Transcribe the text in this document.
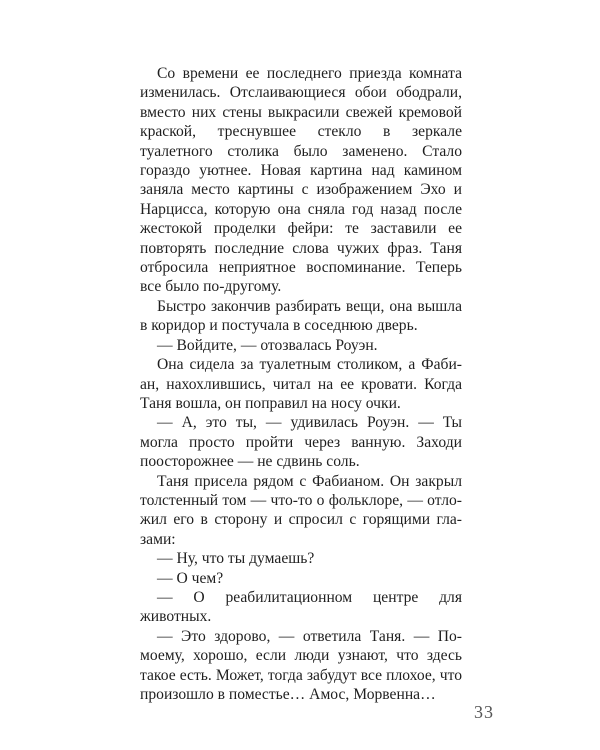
Со времени ее последнего приезда комната изменилась. Отслаивающиеся обои ободрали, вместо них стены выкрасили свежей кремовой краской, треснувшее стекло в зеркале туалетного столика было заменено. Стало гораздо уютнее. Новая картина над камином заняла место картины с изображением Эхо и Нарцисса, которую она сняла год назад после жестокой проделки фейри: те заставили ее повторять последние слова чужих фраз. Таня отбросила неприятное воспоминание. Теперь все было по-другому.

Быстро закончив разбирать вещи, она вышла в коридор и постучала в соседнюю дверь.

— Войдите, — отозвалась Роуэн.

Она сидела за туалетным столиком, а Фабиан, нахохлившись, читал на ее кровати. Когда Таня вошла, он поправил на носу очки.

— А, это ты, — удивилась Роуэн. — Ты могла просто пройти через ванную. Заходи поосторожнее — не сдвинь соль.

Таня присела рядом с Фабианом. Он закрыл толстенный том — что-то о фольклоре, — отложил его в сторону и спросил с горящими глазами:

— Ну, что ты думаешь?

— О чем?

— О реабилитационном центре для животных.

— Это здорово, — ответила Таня. — По-моему, хорошо, если люди узнают, что здесь такое есть. Может, тогда забудут все плохое, что произошло в поместье… Амос, Морвенна…

33
